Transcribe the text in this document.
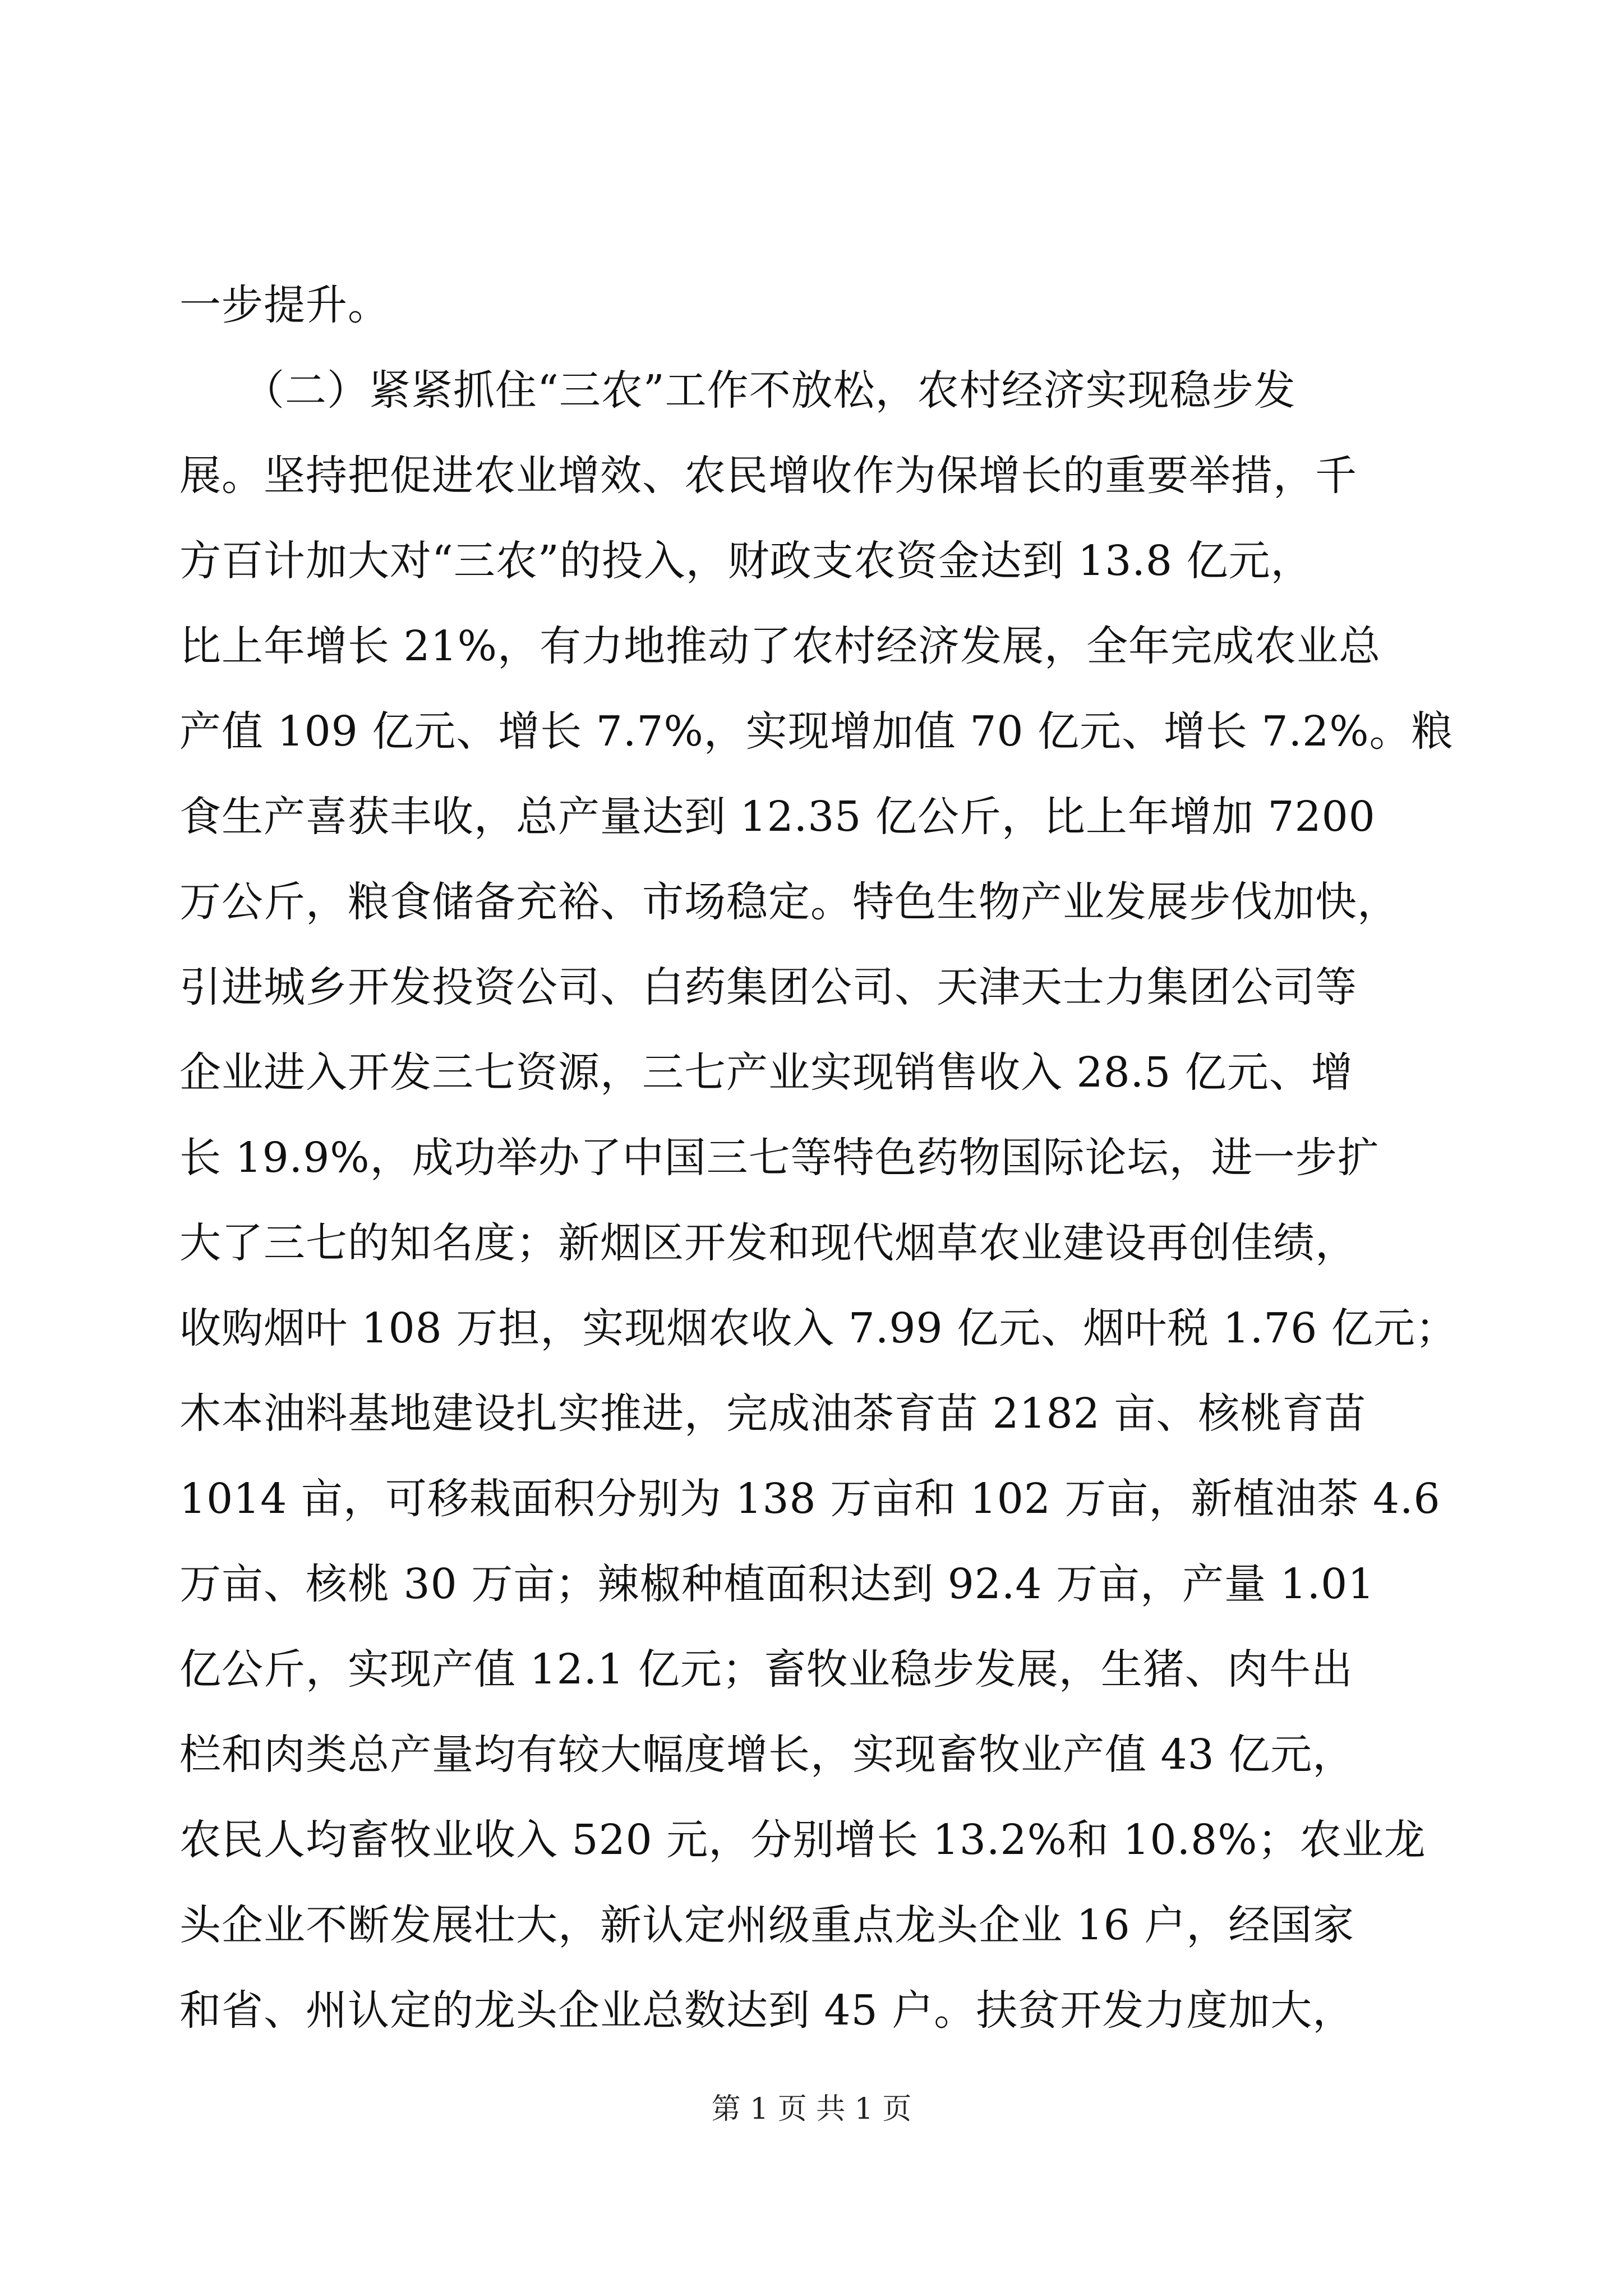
一步提升。
　　（二）紧紧抓住“三农”工作不放松，农村经济实现稳步发
展。坚持把促进农业增效、农民增收作为保增长的重要举措，千
方百计加大对“三农”的投入，财政支农资金达到 13.8 亿元，
比上年增长 21%，有力地推动了农村经济发展，全年完成农业总
产值 109 亿元、增长 7.7%，实现增加值 70 亿元、增长 7.2%。粮
食生产喜获丰收，总产量达到 12.35 亿公斤，比上年增加 7200
万公斤，粮食储备充裕、市场稳定。特色生物产业发展步伐加快，
引进城乡开发投资公司、白药集团公司、天津天士力集团公司等
企业进入开发三七资源，三七产业实现销售收入 28.5 亿元、增
长 19.9%，成功举办了中国三七等特色药物国际论坛，进一步扩
大了三七的知名度；新烟区开发和现代烟草农业建设再创佳绩，
收购烟叶 108 万担，实现烟农收入 7.99 亿元、烟叶税 1.76 亿元；
木本油料基地建设扎实推进，完成油茶育苗 2182 亩、核桃育苗
1014 亩，可移栽面积分别为 138 万亩和 102 万亩，新植油茶 4.6
万亩、核桃 30 万亩；辣椒种植面积达到 92.4 万亩，产量 1.01
亿公斤，实现产值 12.1 亿元；畜牧业稳步发展，生猪、肉牛出
栏和肉类总产量均有较大幅度增长，实现畜牧业产值 43 亿元，
农民人均畜牧业收入 520 元，分别增长 13.2%和 10.8%；农业龙
头企业不断发展壮大，新认定州级重点龙头企业 16 户，经国家
和省、州认定的龙头企业总数达到 45 户。扶贫开发力度加大，
第 1 页 共 1 页
